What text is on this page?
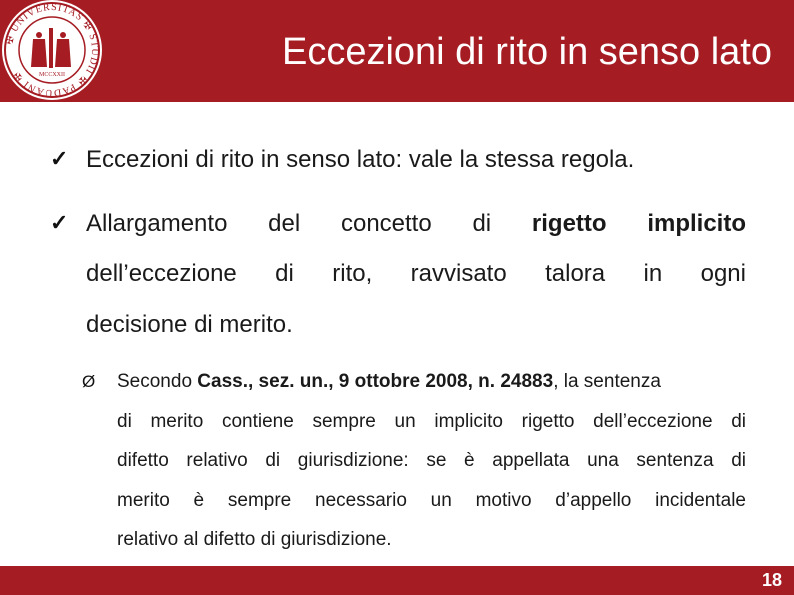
✠ UNIVERSITAS ✠ STUDII ✠ PADUANI ✠	MCCXXII
Eccezioni di rito in senso lato
✓ Eccezioni di rito in senso lato: vale la stessa regola.
✓ Allargamento del concetto di rigetto implicito
dell’eccezione di rito, ravvisato talora in ogni
decisione di merito.
Ø Secondo Cass., sez. un., 9 ottobre 2008, n. 24883, la sentenza
di merito contiene sempre un implicito rigetto dell’eccezione di
difetto relativo di giurisdizione: se è appellata una sentenza di
merito è sempre necessario un motivo d’appello incidentale
relativo al difetto di giurisdizione.
18
